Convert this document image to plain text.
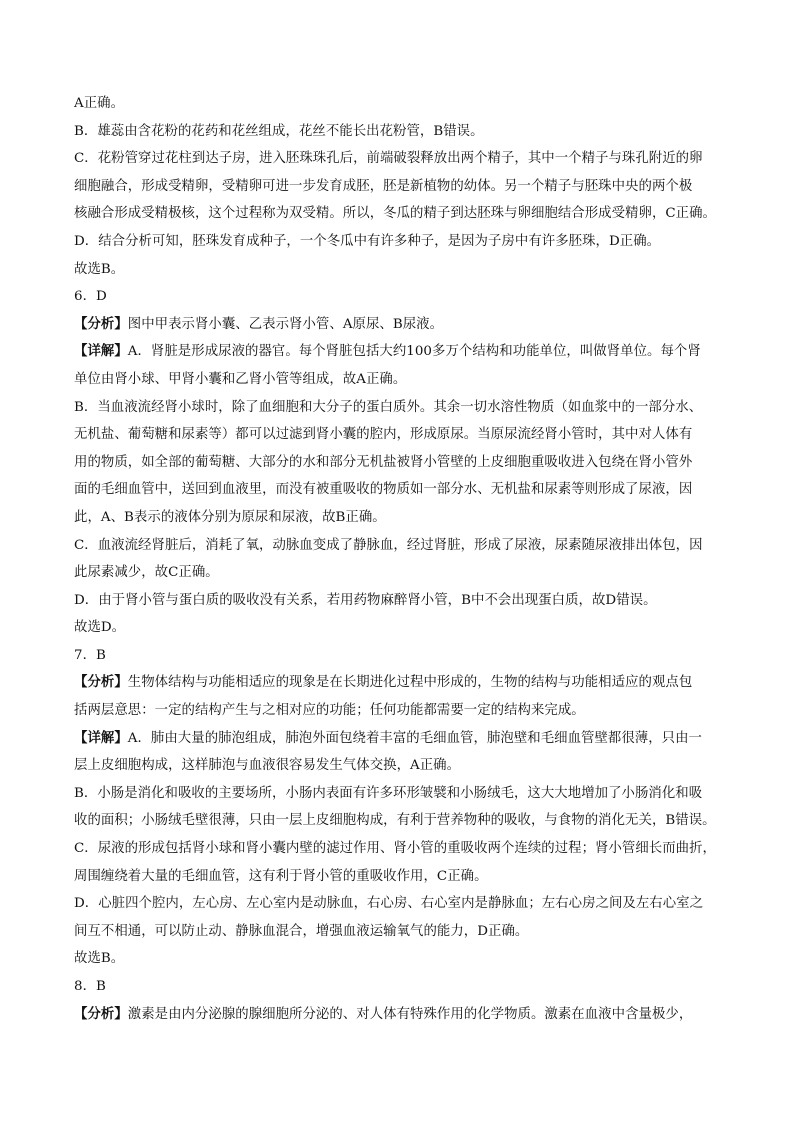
A正确。
B．雄蕊由含花粉的花药和花丝组成，花丝不能长出花粉管，B错误。
C．花粉管穿过花柱到达子房，进入胚珠珠孔后，前端破裂释放出两个精子，其中一个精子与珠孔附近的卵
细胞融合，形成受精卵，受精卵可进一步发育成胚，胚是新植物的幼体。另一个精子与胚珠中央的两个极
核融合形成受精极核，这个过程称为双受精。所以，冬瓜的精子到达胚珠与卵细胞结合形成受精卵，C正确。
D．结合分析可知，胚珠发育成种子，一个冬瓜中有许多种子，是因为子房中有许多胚珠，D正确。
故选B。
6．D
【分析】图中甲表示肾小囊、乙表示肾小管、A原尿、B尿液。
【详解】A．肾脏是形成尿液的器官。每个肾脏包括大约100多万个结构和功能单位，叫做肾单位。每个肾
单位由肾小球、甲肾小囊和乙肾小管等组成，故A正确。
B．当血液流经肾小球时，除了血细胞和大分子的蛋白质外。其余一切水溶性物质（如血浆中的一部分水、
无机盐、葡萄糖和尿素等）都可以过滤到肾小囊的腔内，形成原尿。当原尿流经肾小管时，其中对人体有
用的物质，如全部的葡萄糖、大部分的水和部分无机盐被肾小管壁的上皮细胞重吸收进入包绕在肾小管外
面的毛细血管中，送回到血液里，而没有被重吸收的物质如一部分水、无机盐和尿素等则形成了尿液，因
此，A、B表示的液体分别为原尿和尿液，故B正确。
C．血液流经肾脏后，消耗了氧，动脉血变成了静脉血，经过肾脏，形成了尿液，尿素随尿液排出体包，因
此尿素减少，故C正确。
D．由于肾小管与蛋白质的吸收没有关系，若用药物麻醉肾小管，B中不会出现蛋白质，故D错误。
故选D。
7．B
【分析】生物体结构与功能相适应的现象是在长期进化过程中形成的，生物的结构与功能相适应的观点包
括两层意思：一定的结构产生与之相对应的功能；任何功能都需要一定的结构来完成。
【详解】A．肺由大量的肺泡组成，肺泡外面包绕着丰富的毛细血管，肺泡壁和毛细血管壁都很薄，只由一
层上皮细胞构成，这样肺泡与血液很容易发生气体交换，A正确。
B．小肠是消化和吸收的主要场所，小肠内表面有许多环形皱襞和小肠绒毛，这大大地增加了小肠消化和吸
收的面积；小肠绒毛壁很薄，只由一层上皮细胞构成，有利于营养物种的吸收，与食物的消化无关，B错误。
C．尿液的形成包括肾小球和肾小囊内壁的滤过作用、肾小管的重吸收两个连续的过程；肾小管细长而曲折，
周围缠绕着大量的毛细血管，这有利于肾小管的重吸收作用，C正确。
D．心脏四个腔内，左心房、左心室内是动脉血，右心房、右心室内是静脉血；左右心房之间及左右心室之
间互不相通，可以防止动、静脉血混合，增强血液运输氧气的能力，D正确。
故选B。
8．B
【分析】激素是由内分泌腺的腺细胞所分泌的、对人体有特殊作用的化学物质。激素在血液中含量极少，
